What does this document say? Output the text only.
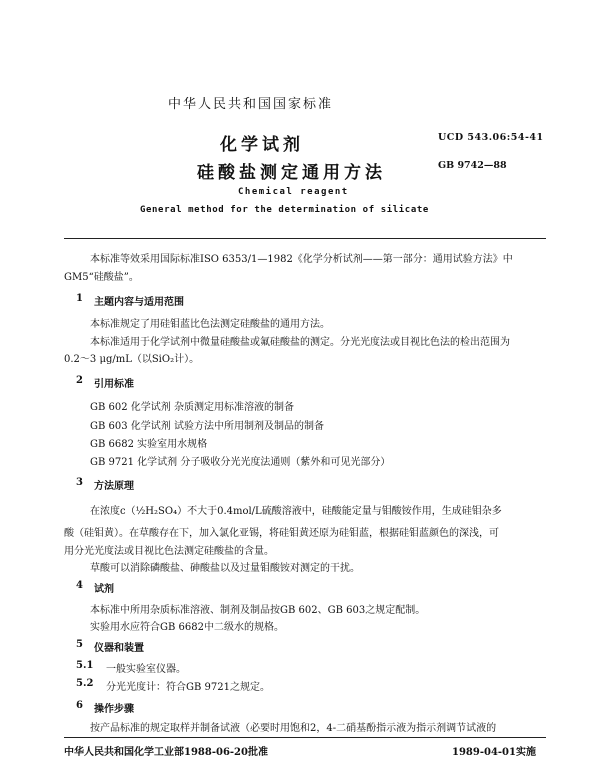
中华人民共和国国家标准
化学试剂
硅酸盐测定通用方法
UCD 543.06:54-41
GB 9742—88
Chemical reagent
General method for the determination of silicate
本标准等效采用国际标准ISO 6353/1—1982《化学分析试剂——第一部分：通用试验方法》中
GM5“硅酸盐”。
1 主题内容与适用范围
本标准规定了用硅钼蓝比色法测定硅酸盐的通用方法。
本标准适用于化学试剂中微量硅酸盐或氟硅酸盐的测定。分光光度法或目视比色法的检出范围为
0.2～3 μg/mL（以SiO₂计）。
2 引用标准
GB 602 化学试剂 杂质测定用标准溶液的制备
GB 603 化学试剂 试验方法中所用制剂及制品的制备
GB 6682 实验室用水规格
GB 9721 化学试剂 分子吸收分光光度法通则（紫外和可见光部分）
3 方法原理
在浓度c（½H₂SO₄）不大于0.4mol/L硫酸溶液中，硅酸能定量与钼酸铵作用，生成硅钼杂多
酸（硅钼黄）。在草酸存在下，加入氯化亚锡，将硅钼黄还原为硅钼蓝，根据硅钼蓝颜色的深浅，可
用分光光度法或目视比色法测定硅酸盐的含量。
草酸可以消除磷酸盐、砷酸盐以及过量钼酸铵对测定的干扰。
4 试剂
本标准中所用杂质标准溶液、制剂及制品按GB 602、GB 603之规定配制。
实验用水应符合GB 6682中二级水的规格。
5 仪器和装置
5.1 一般实验室仪器。
5.2 分光光度计：符合GB 9721之规定。
6 操作步骤
按产品标准的规定取样并制备试液（必要时用饱和2，4-二硝基酚指示液为指示剂调节试液的
中华人民共和国化学工业部1988-06-20批准	1989-04-01实施
